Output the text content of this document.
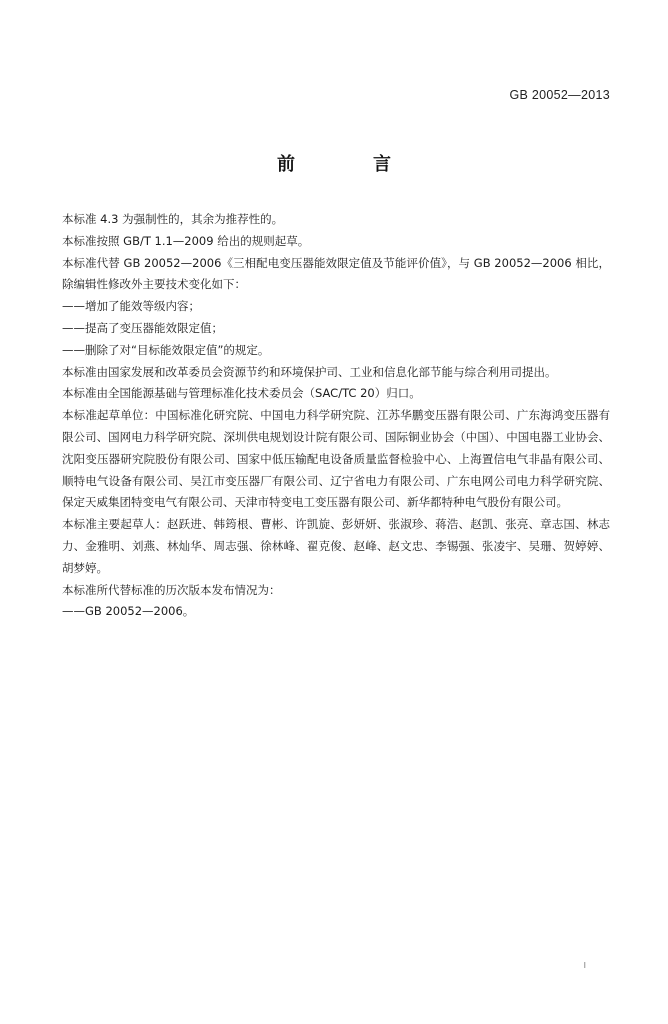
GB 20052—2013
前　言

本标准 4.3 为强制性的，其余为推荐性的。

本标准按照 GB/T 1.1—2009 给出的规则起草。

本标准代替 GB 20052—2006《三相配电变压器能效限定值及节能评价值》，与 GB 20052—2006 相比，除编辑性修改外主要技术变化如下：

——增加了能效等级内容；

——提高了变压器能效限定值；

——删除了对“目标能效限定值”的规定。

本标准由国家发展和改革委员会资源节约和环境保护司、工业和信息化部节能与综合利用司提出。

本标准由全国能源基础与管理标准化技术委员会（SAC/TC 20）归口。

本标准起草单位：中国标准化研究院、中国电力科学研究院、江苏华鹏变压器有限公司、广东海鸿变压器有限公司、国网电力科学研究院、深圳供电规划设计院有限公司、国际铜业协会（中国）、中国电器工业协会、沈阳变压器研究院股份有限公司、国家中低压输配电设备质量监督检验中心、上海置信电气非晶有限公司、顺特电气设备有限公司、吴江市变压器厂有限公司、辽宁省电力有限公司、广东电网公司电力科学研究院、保定天威集团特变电气有限公司、天津市特变电工变压器有限公司、新华都特种电气股份有限公司。

本标准主要起草人：赵跃进、韩筠根、曹彬、许凯旋、彭妍妍、张淑珍、蒋浩、赵凯、张亮、章志国、林志力、金雅明、刘燕、林灿华、周志强、徐林峰、翟克俊、赵峰、赵文忠、李锡强、张凌宇、吴珊、贺婷婷、胡梦婷。

本标准所代替标准的历次版本发布情况为：

——GB 20052—2006。

I
